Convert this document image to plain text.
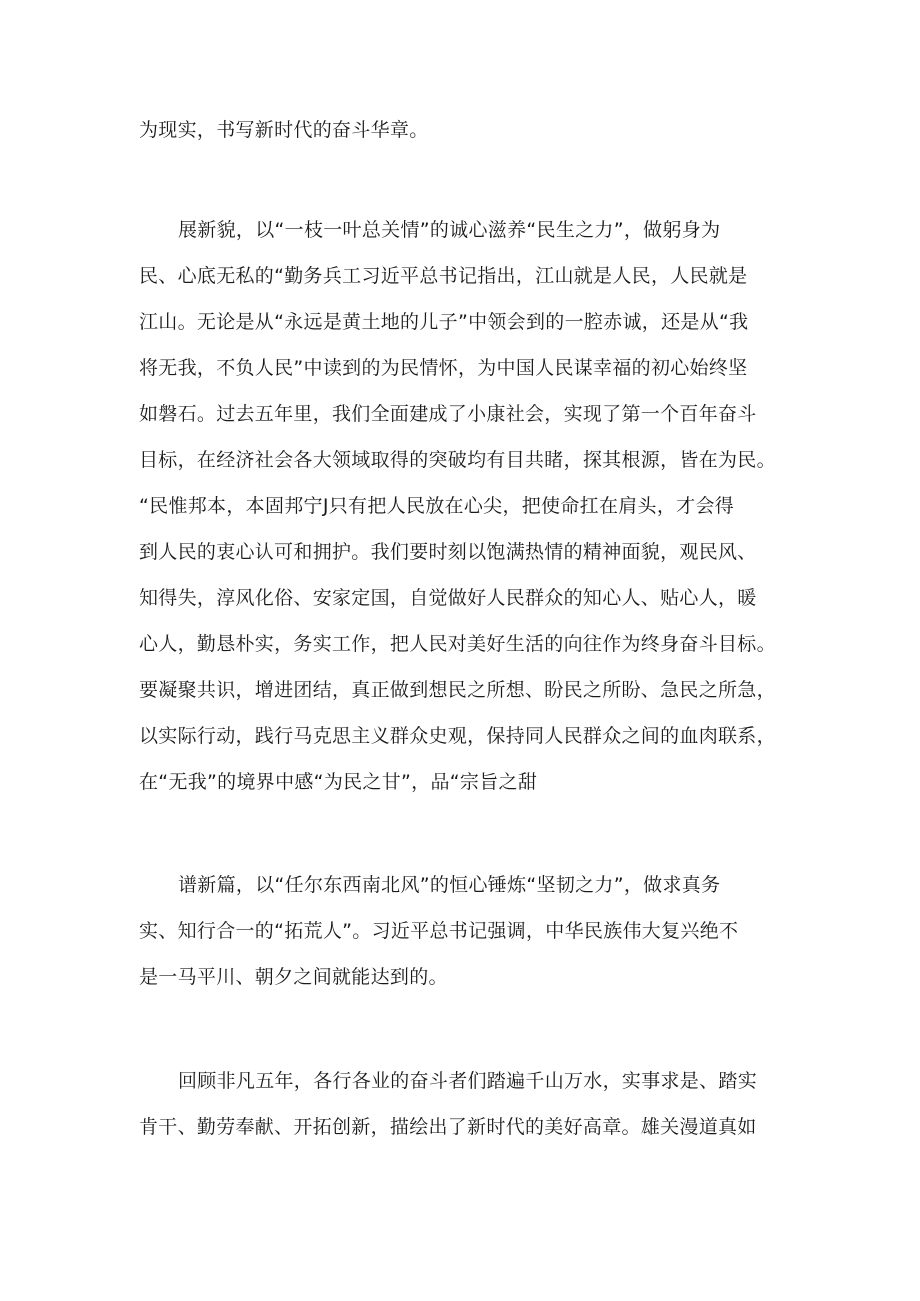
为现实，书写新时代的奋斗华章。
展新貌，以“一枝一叶总关情”的诚心滋养“民生之力”，做躬身为
民、心底无私的“勤务兵工习近平总书记指出，江山就是人民，人民就是
江山。无论是从“永远是黄土地的儿子”中领会到的一腔赤诚，还是从“我
将无我，不负人民”中读到的为民情怀，为中国人民谋幸福的初心始终坚
如磐石。过去五年里，我们全面建成了小康社会，实现了第一个百年奋斗
目标，在经济社会各大领域取得的突破均有目共睹，探其根源，皆在为民。
“民惟邦本，本固邦宁J只有把人民放在心尖，把使命扛在肩头，才会得
到人民的衷心认可和拥护。我们要时刻以饱满热情的精神面貌，观民风、
知得失，淳风化俗、安家定国，自觉做好人民群众的知心人、贴心人，暖
心人，勤恳朴实，务实工作，把人民对美好生活的向往作为终身奋斗目标。
要凝聚共识，增进团结，真正做到想民之所想、盼民之所盼、急民之所急，
以实际行动，践行马克思主义群众史观，保持同人民群众之间的血肉联系，
在“无我”的境界中感“为民之甘”，品“宗旨之甜
谱新篇，以“任尔东西南北风”的恒心锤炼“坚韧之力”，做求真务
实、知行合一的“拓荒人”。习近平总书记强调，中华民族伟大复兴绝不
是一马平川、朝夕之间就能达到的。
回顾非凡五年，各行各业的奋斗者们踏遍千山万水，实事求是、踏实
肯干、勤劳奉献、开拓创新，描绘出了新时代的美好高章。雄关漫道真如
